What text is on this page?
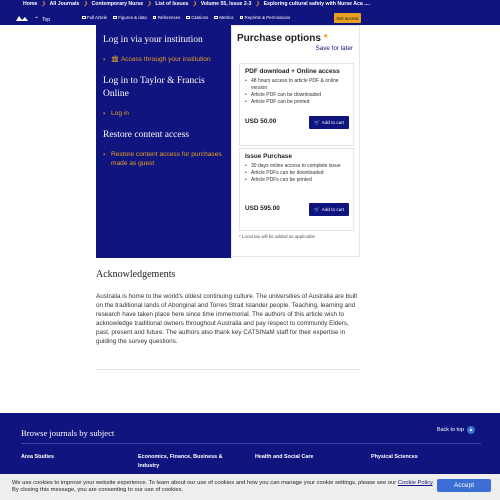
Home ❯ All Journals ❯ Contemporary Nurse ❯ List of Issues ❯ Volume 55, Issue 2-3 ❯ Exploring cultural safety with Nurse Aca ....
⌃ Top	Full Article	Figures & data	References	Citations	Metrics	Reprints & Permissions	Get access
Log in via your institution
› 🏛 Access through your institution
Log in to Taylor & Francis Online
› Log in
Restore content access
› Restore content access for purchases made as guest
Purchase options *
Save for later
PDF download + Online access
• 48 hours access to article PDF & online version
• Article PDF can be downloaded
• Article PDF can be printed
USD 50.00	🛒 Add to cart
Issue Purchase
• 30 days online access to complete issue
• Article PDFs can be downloaded
• Article PDFs can be printed
USD 595.00	🛒 Add to cart
* Local tax will be added as applicable
Acknowledgements

Australia is home to the world's oldest continuing culture. The universities of Australia are built on the traditional lands of Aboriginal and Torres Strait Islander people. Teaching, learning and research have taken place here since time immemorial. The authors of this article wish to acknowledge traditional owners throughout Australia and pay respect to community Elders, past, present and future. The authors also thank key CATSINaM staff for their expertise in guiding the survey questions.

Browse journals by subject	Back to top ▲
Area Studies	Economics, Finance, Business & Industry
Health and Social Care	Physical Sciences
We use cookies to improve your website experience. To learn about our use of cookies and how you can manage your cookie settings, please see our Cookie Policy. By closing this message, you are consenting to our use of cookies.
Accept
